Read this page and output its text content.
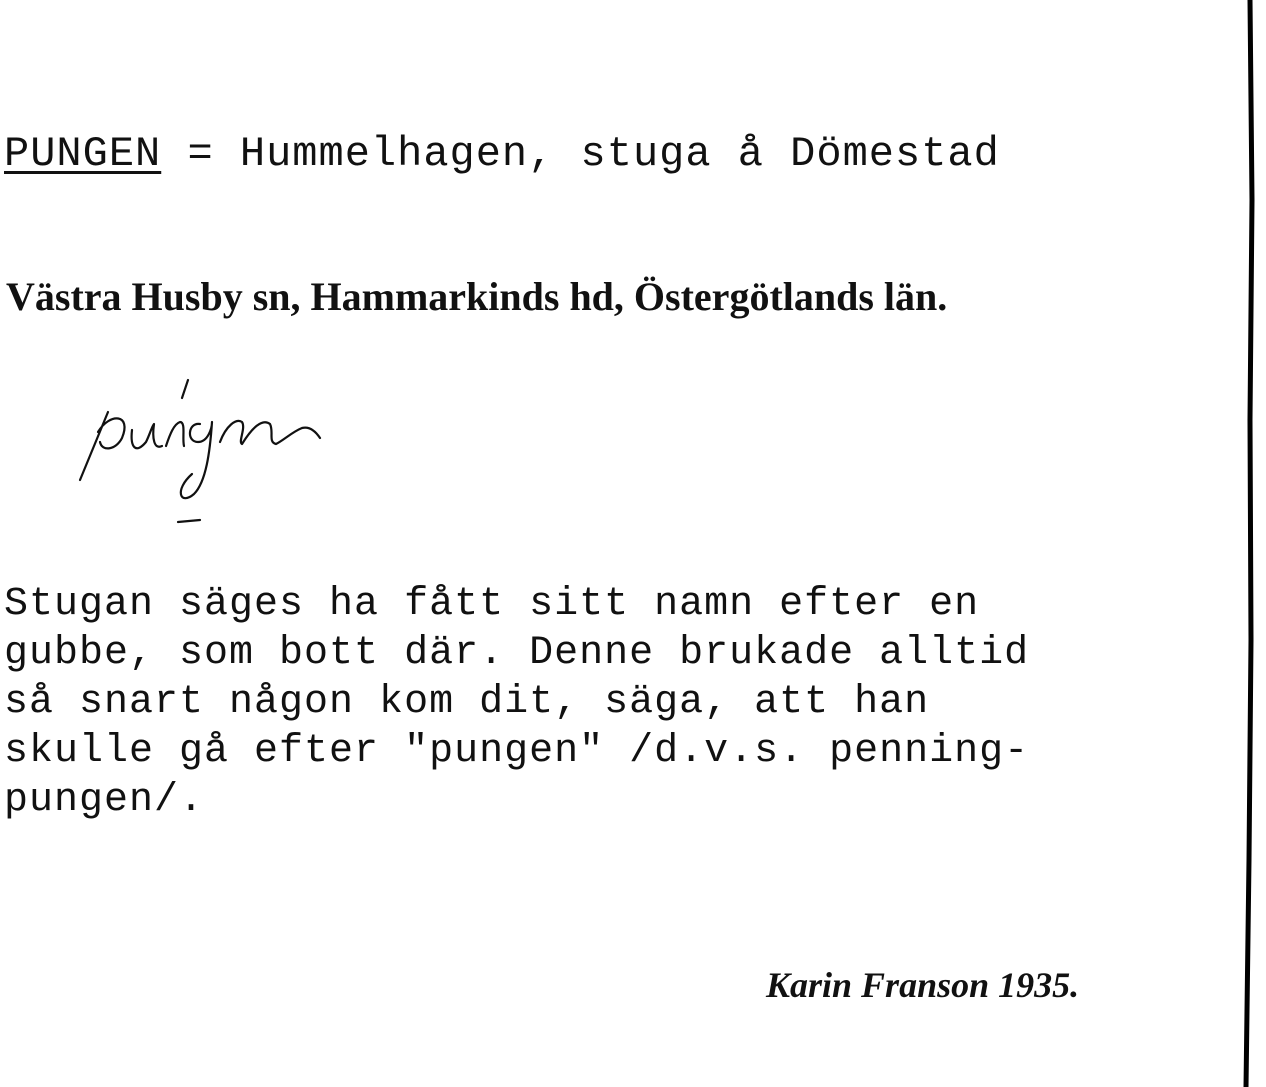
PUNGEN = Hummelhagen, stuga å Dömestad
Västra Husby sn, Hammarkinds hd, Östergötlands län.
Stugan säges ha fått sitt namn efter en
gubbe, som bott där. Denne brukade alltid
så snart någon kom dit, säga, att han
skulle gå efter "pungen" /d.v.s. penning-
pungen/.
Karin Franson 1935.
